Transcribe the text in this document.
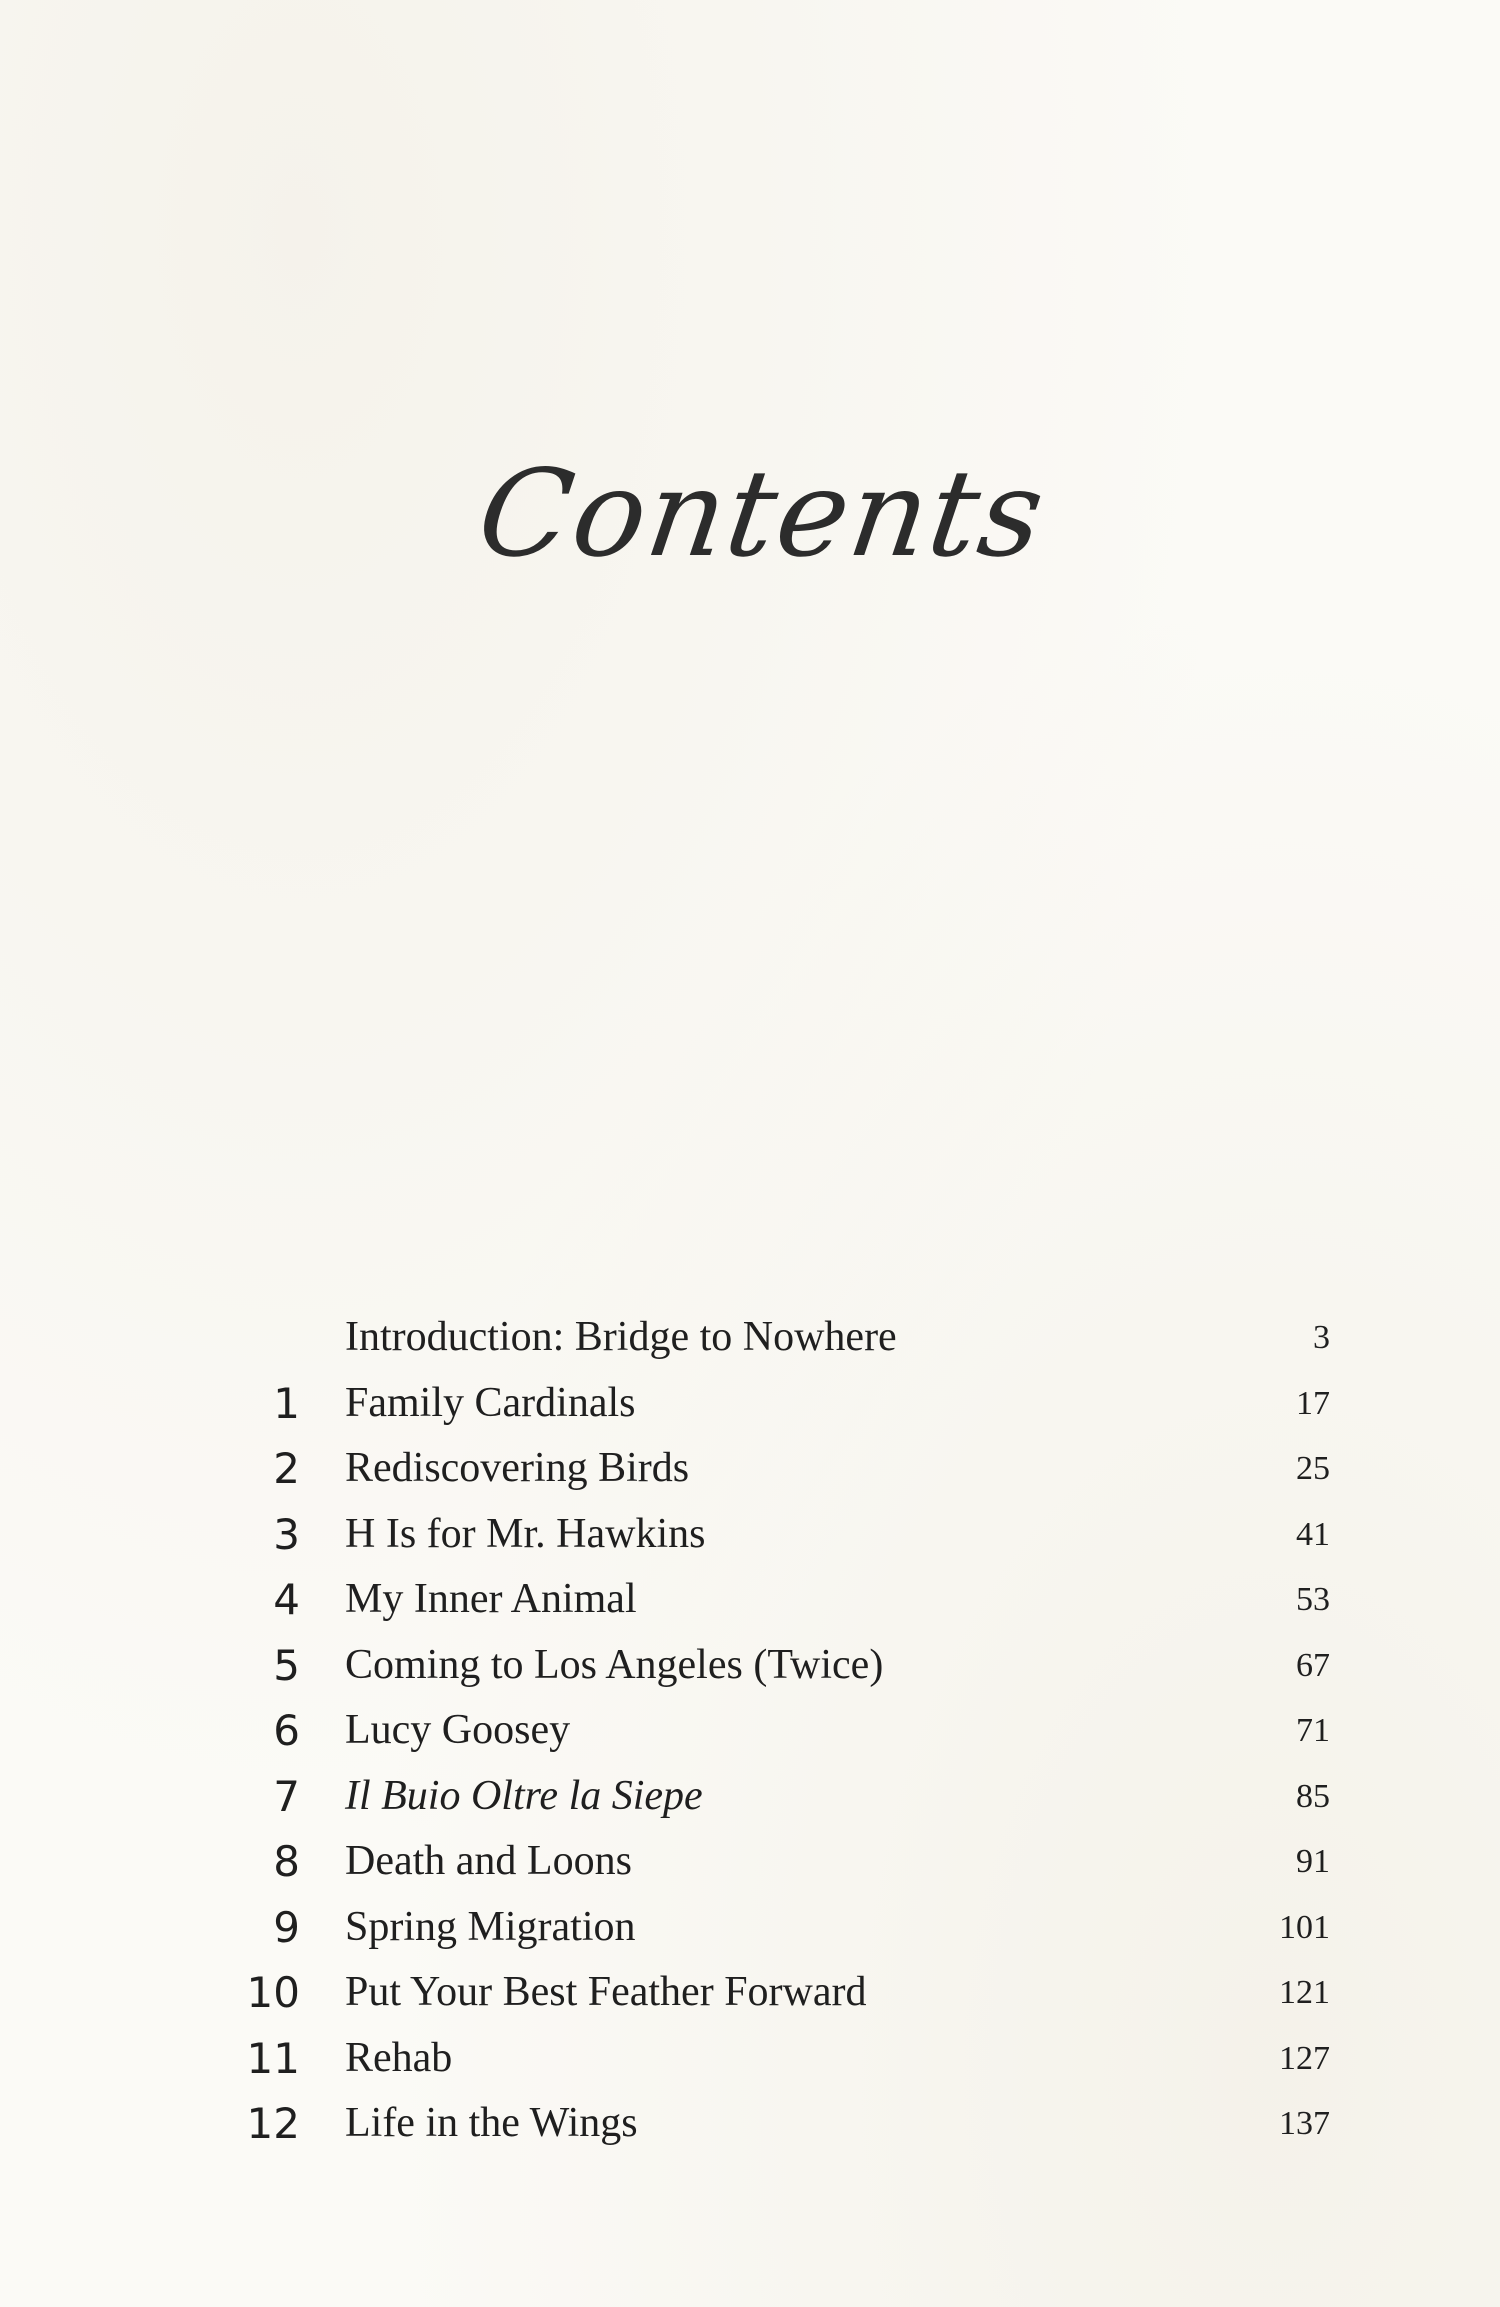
Contents
Introduction: Bridge to Nowhere	3
1 Family Cardinals	17
2 Rediscovering Birds	25
3 H Is for Mr. Hawkins	41
4 My Inner Animal	53
5 Coming to Los Angeles (Twice)	67
6 Lucy Goosey	71
7 Il Buio Oltre la Siepe	85
8 Death and Loons	91
9 Spring Migration	101
10 Put Your Best Feather Forward	121
11 Rehab	127
12 Life in the Wings	137
